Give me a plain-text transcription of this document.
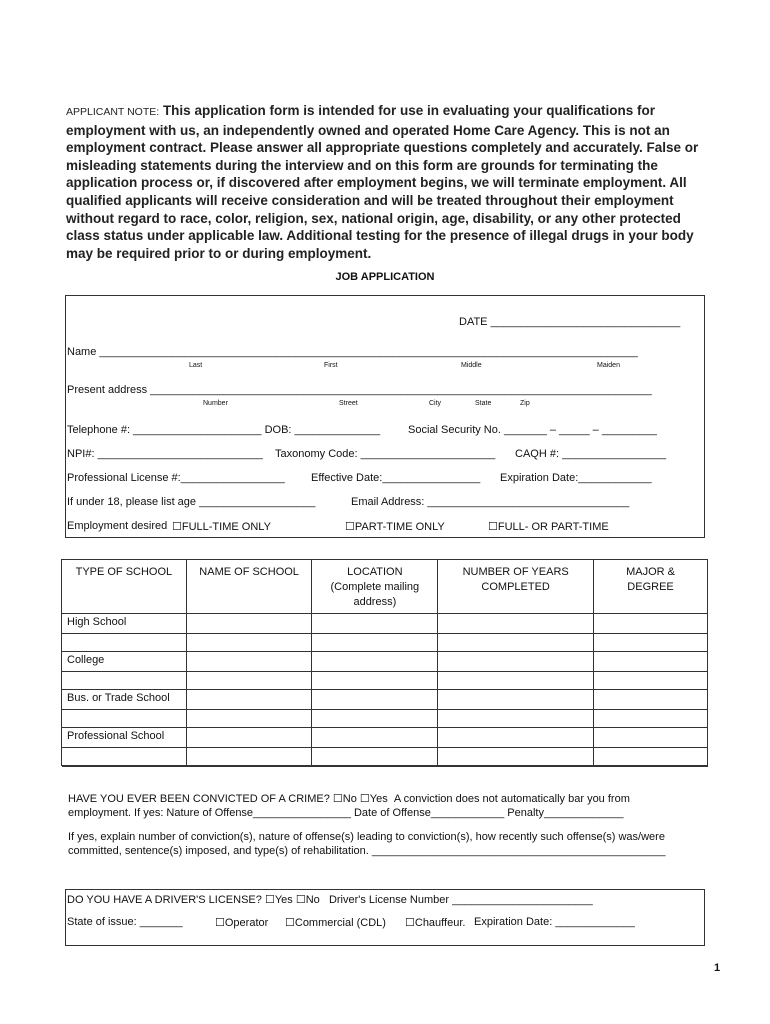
APPLICANT NOTE: This application form is intended for use in evaluating your qualifications for employment with us, an independently owned and operated Home Care Agency. This is not an employment contract. Please answer all appropriate questions completely and accurately. False or misleading statements during the interview and on this form are grounds for terminating the application process or, if discovered after employment begins, we will terminate employment. All qualified applicants will receive consideration and will be treated throughout their employment without regard to race, color, religion, sex, national origin, age, disability, or any other protected class status under applicable law. Additional testing for the presence of illegal drugs in your body may be required prior to or during employment.
JOB APPLICATION
DATE _______________________________
Name ________________________________________________________________________________________
Last	First	Middle	Maiden
Present address __________________________________________________________________________________
Number	Street	City	State	Zip
Telephone #: _____________________ DOB: ______________	Social Security No. _______ – _____ – _________
NPI#: ___________________________ Taxonomy Code: ______________________ CAQH #: _________________
Professional License #:_________________ Effective Date:________________ Expiration Date:____________
If under 18, please list age ___________________	Email Address: _________________________________
Employment desired ☐FULL-TIME ONLY	☐PART-TIME ONLY	☐FULL- OR PART-TIME
TYPE OF SCHOOL	NAME OF SCHOOL	LOCATION (Complete mailing address)	NUMBER OF YEARS COMPLETED	MAJOR & DEGREE
High School				

College				

Bus. or Trade School				

Professional School				

HAVE YOU EVER BEEN CONVICTED OF A CRIME? ☐No ☐Yes A conviction does not automatically bar you from
employment. If yes: Nature of Offense________________ Date of Offense____________ Penalty_____________
If yes, explain number of conviction(s), nature of offense(s) leading to conviction(s), how recently such offense(s) was/were
committed, sentence(s) imposed, and type(s) of rehabilitation. ________________________________________________
DO YOU HAVE A DRIVER'S LICENSE? ☐Yes ☐No Driver's License Number _______________________
State of issue: _______	☐Operator ☐Commercial (CDL) ☐Chauffeur. Expiration Date: _____________
1
